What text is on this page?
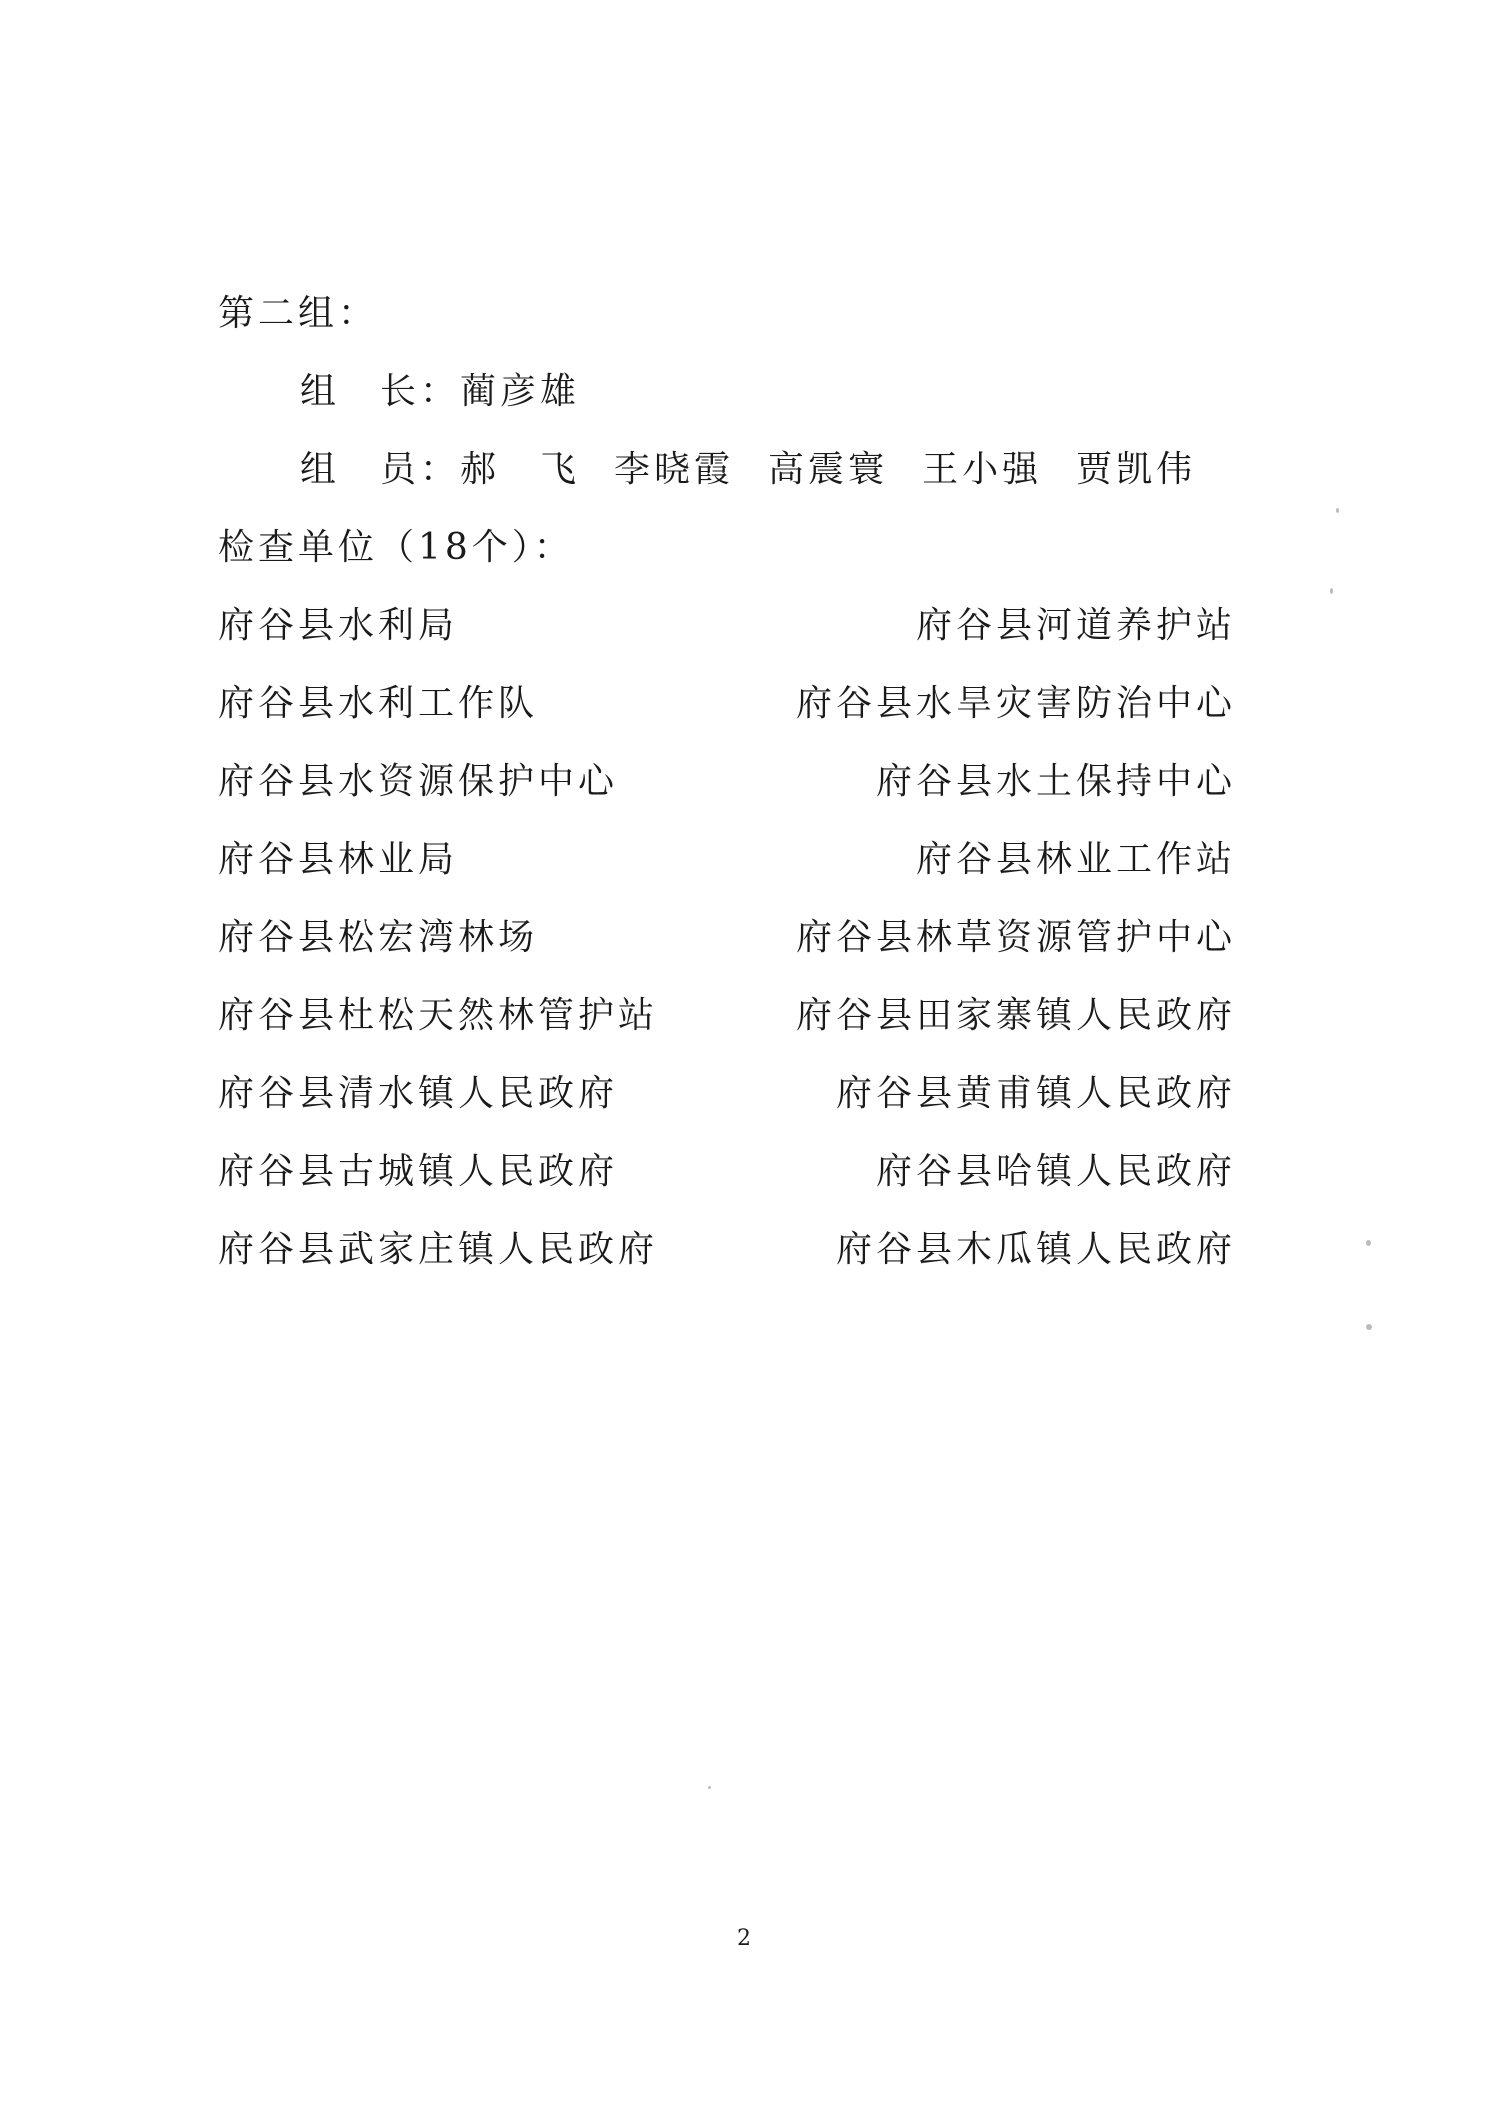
第二组：
组　长：蔺彦雄
组　员：郝　飞 李晓霞 高震寰 王小强 贾凯伟
检查单位（18个）：
府谷县水利局	府谷县河道养护站
府谷县水利工作队	府谷县水旱灾害防治中心
府谷县水资源保护中心	府谷县水土保持中心
府谷县林业局	府谷县林业工作站
府谷县松宏湾林场	府谷县林草资源管护中心
府谷县杜松天然林管护站	府谷县田家寨镇人民政府
府谷县清水镇人民政府	府谷县黄甫镇人民政府
府谷县古城镇人民政府	府谷县哈镇人民政府
府谷县武家庄镇人民政府	府谷县木瓜镇人民政府
2
